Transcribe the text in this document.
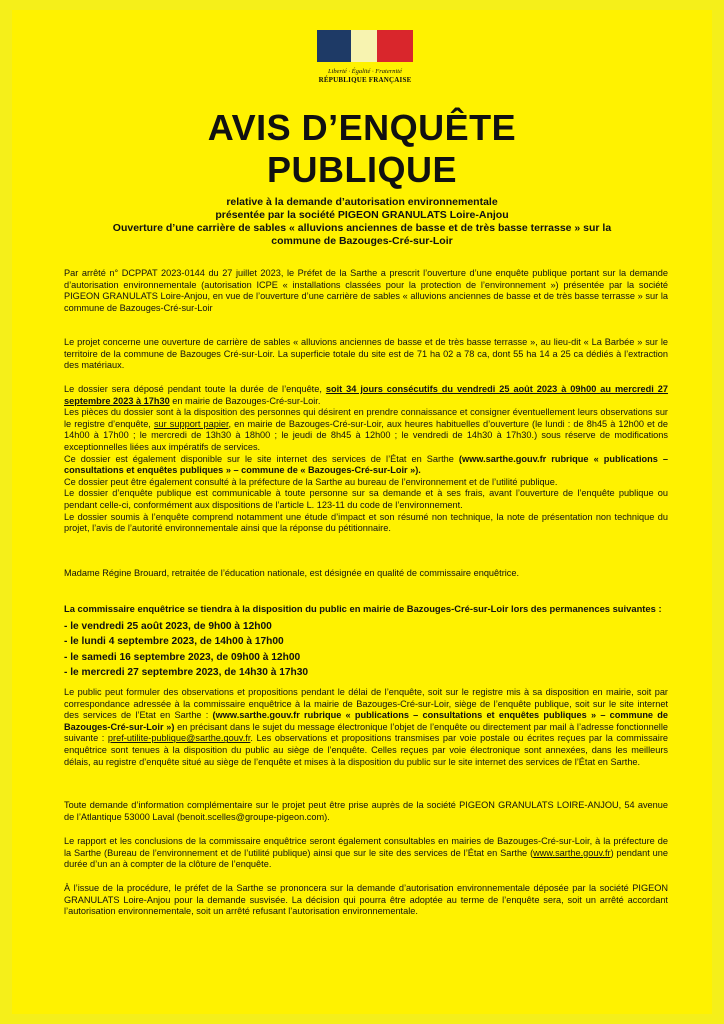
Liberté · Égalité · Fraternité
RÉPUBLIQUE FRANÇAISE
AVIS D’ENQUÊTE
PUBLIQUE
relative à la demande d’autorisation environnementale
présentée par la société PIGEON GRANULATS Loire-Anjou
Ouverture d’une carrière de sables « alluvions anciennes de basse et de très basse terrasse » sur la commune de Bazouges-Cré-sur-Loir

Par arrêté n° DCPPAT 2023-0144 du 27 juillet 2023, le Préfet de la Sarthe a prescrit l’ouverture d’une enquête publique portant sur la demande d’autorisation environnementale (autorisation ICPE « installations classées pour la protection de l’environnement ») présentée par la société PIGEON GRANULATS Loire-Anjou, en vue de l’ouverture d’une carrière de sables « alluvions anciennes de basse et de très basse terrasse » sur la commune de Bazouges-Cré-sur-Loir

Le projet concerne une ouverture de carrière de sables « alluvions anciennes de basse et de très basse terrasse », au lieu-dit « La Barbée » sur le territoire de la commune de Bazouges Cré-sur-Loir. La superficie totale du site est de 71 ha 02 a 78 ca, dont 55 ha 14 a 25 ca dédiés à l’extraction des matériaux.

Le dossier sera déposé pendant toute la durée de l’enquête, soit 34 jours consécutifs du vendredi 25 août 2023 à 09h00 au mercredi 27 septembre 2023 à 17h30 en mairie de Bazouges-Cré-sur-Loir.

Les pièces du dossier sont à la disposition des personnes qui désirent en prendre connaissance et consigner éventuellement leurs observations sur le registre d’enquête, sur support papier, en mairie de Bazouges-Cré-sur-Loir, aux heures habituelles d’ouverture (le lundi : de 8h45 à 12h00 et de 14h00 à 17h00 ; le mercredi de 13h30 à 18h00 ; le jeudi de 8h45 à 12h00 ; le vendredi de 14h30 à 17h30.) sous réserve de modifications exceptionnelles liées aux impératifs de services.

Ce dossier est également disponible sur le site internet des services de l’État en Sarthe (www.sarthe.gouv.fr rubrique « publications – consultations et enquêtes publiques » – commune de « Bazouges-Cré-sur-Loir »).

Ce dossier peut être également consulté à la préfecture de la Sarthe au bureau de l’environnement et de l’utilité publique.

Le dossier d’enquête publique est communicable à toute personne sur sa demande et à ses frais, avant l’ouverture de l’enquête publique ou pendant celle-ci, conformément aux dispositions de l’article L. 123-11 du code de l’environnement.

Le dossier soumis à l’enquête comprend notamment une étude d’impact et son résumé non technique, la note de présentation non technique du projet, l’avis de l’autorité environnementale ainsi que la réponse du pétitionnaire.

Madame Régine Brouard, retraitée de l’éducation nationale, est désignée en qualité de commissaire enquêtrice.

La commissaire enquêtrice se tiendra à la disposition du public en mairie de Bazouges-Cré-sur-Loir lors des permanences suivantes :
- le vendredi 25 août 2023, de 9h00 à 12h00
- le lundi 4 septembre 2023, de 14h00 à 17h00
- le samedi 16 septembre 2023, de 09h00 à 12h00
- le mercredi 27 septembre 2023, de 14h30 à 17h30

Le public peut formuler des observations et propositions pendant le délai de l’enquête, soit sur le registre mis à sa disposition en mairie, soit par correspondance adressée à la commissaire enquêtrice à la mairie de Bazouges-Cré-sur-Loir, siège de l’enquête publique, soit sur le site internet des services de l’Etat en Sarthe : (www.sarthe.gouv.fr rubrique « publications – consultations et enquêtes publiques » – commune de Bazouges-Cré-sur-Loir ») en précisant dans le sujet du message électronique l’objet de l’enquête ou directement par mail à l’adresse fonctionnelle suivante : pref-utilite-publique@sarthe.gouv.fr. Les observations et propositions transmises par voie postale ou écrites reçues par la commissaire enquêtrice sont tenues à la disposition du public au siège de l’enquête. Celles reçues par voie électronique sont annexées, dans les meilleurs délais, au registre d’enquête situé au siège de l’enquête et mises à la disposition du public sur le site internet des services de l’État en Sarthe.

Toute demande d’information complémentaire sur le projet peut être prise auprès de la société PIGEON GRANULATS LOIRE-ANJOU, 54 avenue de l’Atlantique 53000 Laval (benoit.scelles@groupe-pigeon.com).

Le rapport et les conclusions de la commissaire enquêtrice seront également consultables en mairies de Bazouges-Cré-sur-Loir, à la préfecture de la Sarthe (Bureau de l’environnement et de l’utilité publique) ainsi que sur le site des services de l’État en Sarthe (www.sarthe.gouv.fr) pendant une durée d’un an à compter de la clôture de l’enquête.

À l’issue de la procédure, le préfet de la Sarthe se prononcera sur la demande d’autorisation environnementale déposée par la société PIGEON GRANULATS Loire-Anjou pour la demande susvisée. La décision qui pourra être adoptée au terme de l’enquête sera, soit un arrêté accordant l’autorisation environnementale, soit un arrêté refusant l’autorisation environnementale.
